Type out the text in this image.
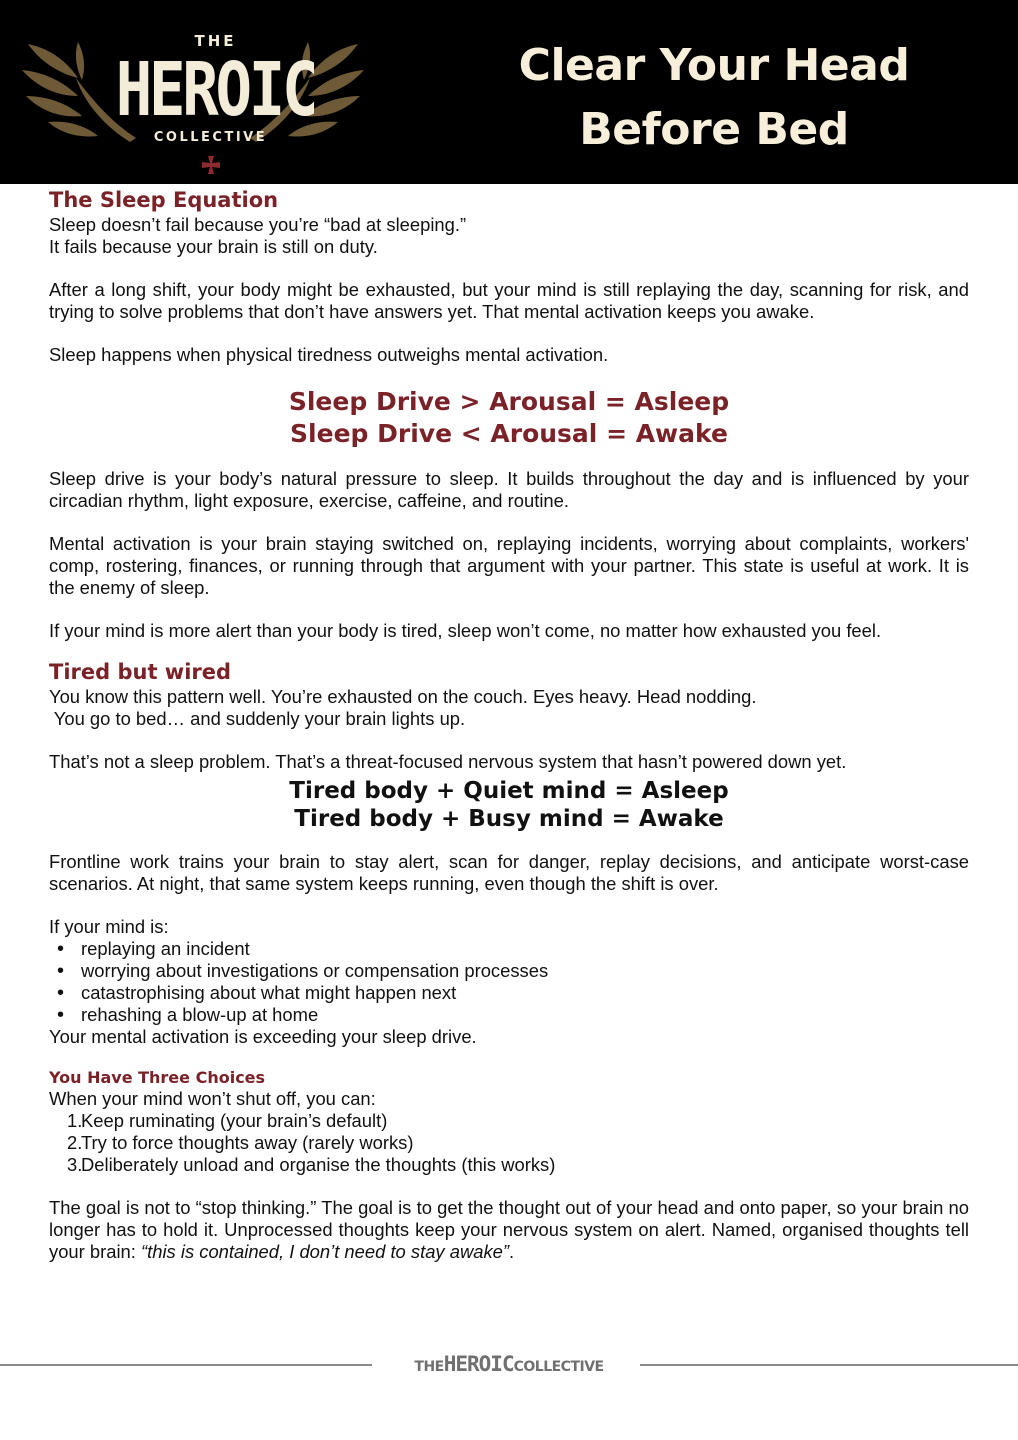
THE
HEROIC
COLLECTIVE
Clear Your Head
Before Bed
The Sleep Equation

Sleep doesn’t fail because you’re “bad at sleeping.”

It fails because your brain is still on duty.

After a long shift, your body might be exhausted, but your mind is still replaying the day, scanning for risk, and trying to solve problems that don’t have answers yet. That mental activation keeps you awake.

Sleep happens when physical tiredness outweighs mental activation.

Sleep Drive > Arousal = Asleep
Sleep Drive < Arousal = Awake

Sleep drive is your body’s natural pressure to sleep. It builds throughout the day and is influenced by your circadian rhythm, light exposure, exercise, caffeine, and routine.

Mental activation is your brain staying switched on, replaying incidents, worrying about complaints, workers' comp, rostering, finances, or running through that argument with your partner. This state is useful at work. It is the enemy of sleep.

If your mind is more alert than your body is tired, sleep won’t come, no matter how exhausted you feel.

Tired but wired

You know this pattern well. You’re exhausted on the couch. Eyes heavy. Head nodding.

You go to bed… and suddenly your brain lights up.

That’s not a sleep problem. That’s a threat-focused nervous system that hasn’t powered down yet.

Tired body + Quiet mind = Asleep
Tired body + Busy mind = Awake

Frontline work trains your brain to stay alert, scan for danger, replay decisions, and anticipate worst-case scenarios. At night, that same system keeps running, even though the shift is over.

If your mind is:

• replaying an incident
• worrying about investigations or compensation processes
• catastrophising about what might happen next
• rehashing a blow-up at home

Your mental activation is exceeding your sleep drive.

You Have Three Choices

When your mind won’t shut off, you can:

1.Keep ruminating (your brain’s default)
2.Try to force thoughts away (rarely works)
3.Deliberately unload and organise the thoughts (this works)

The goal is not to “stop thinking.” The goal is to get the thought out of your head and onto paper, so your brain no longer has to hold it. Unprocessed thoughts keep your nervous system on alert. Named, organised thoughts tell your brain: “this is contained, I don’t need to stay awake”.

THEHEROICCOLLECTIVE
